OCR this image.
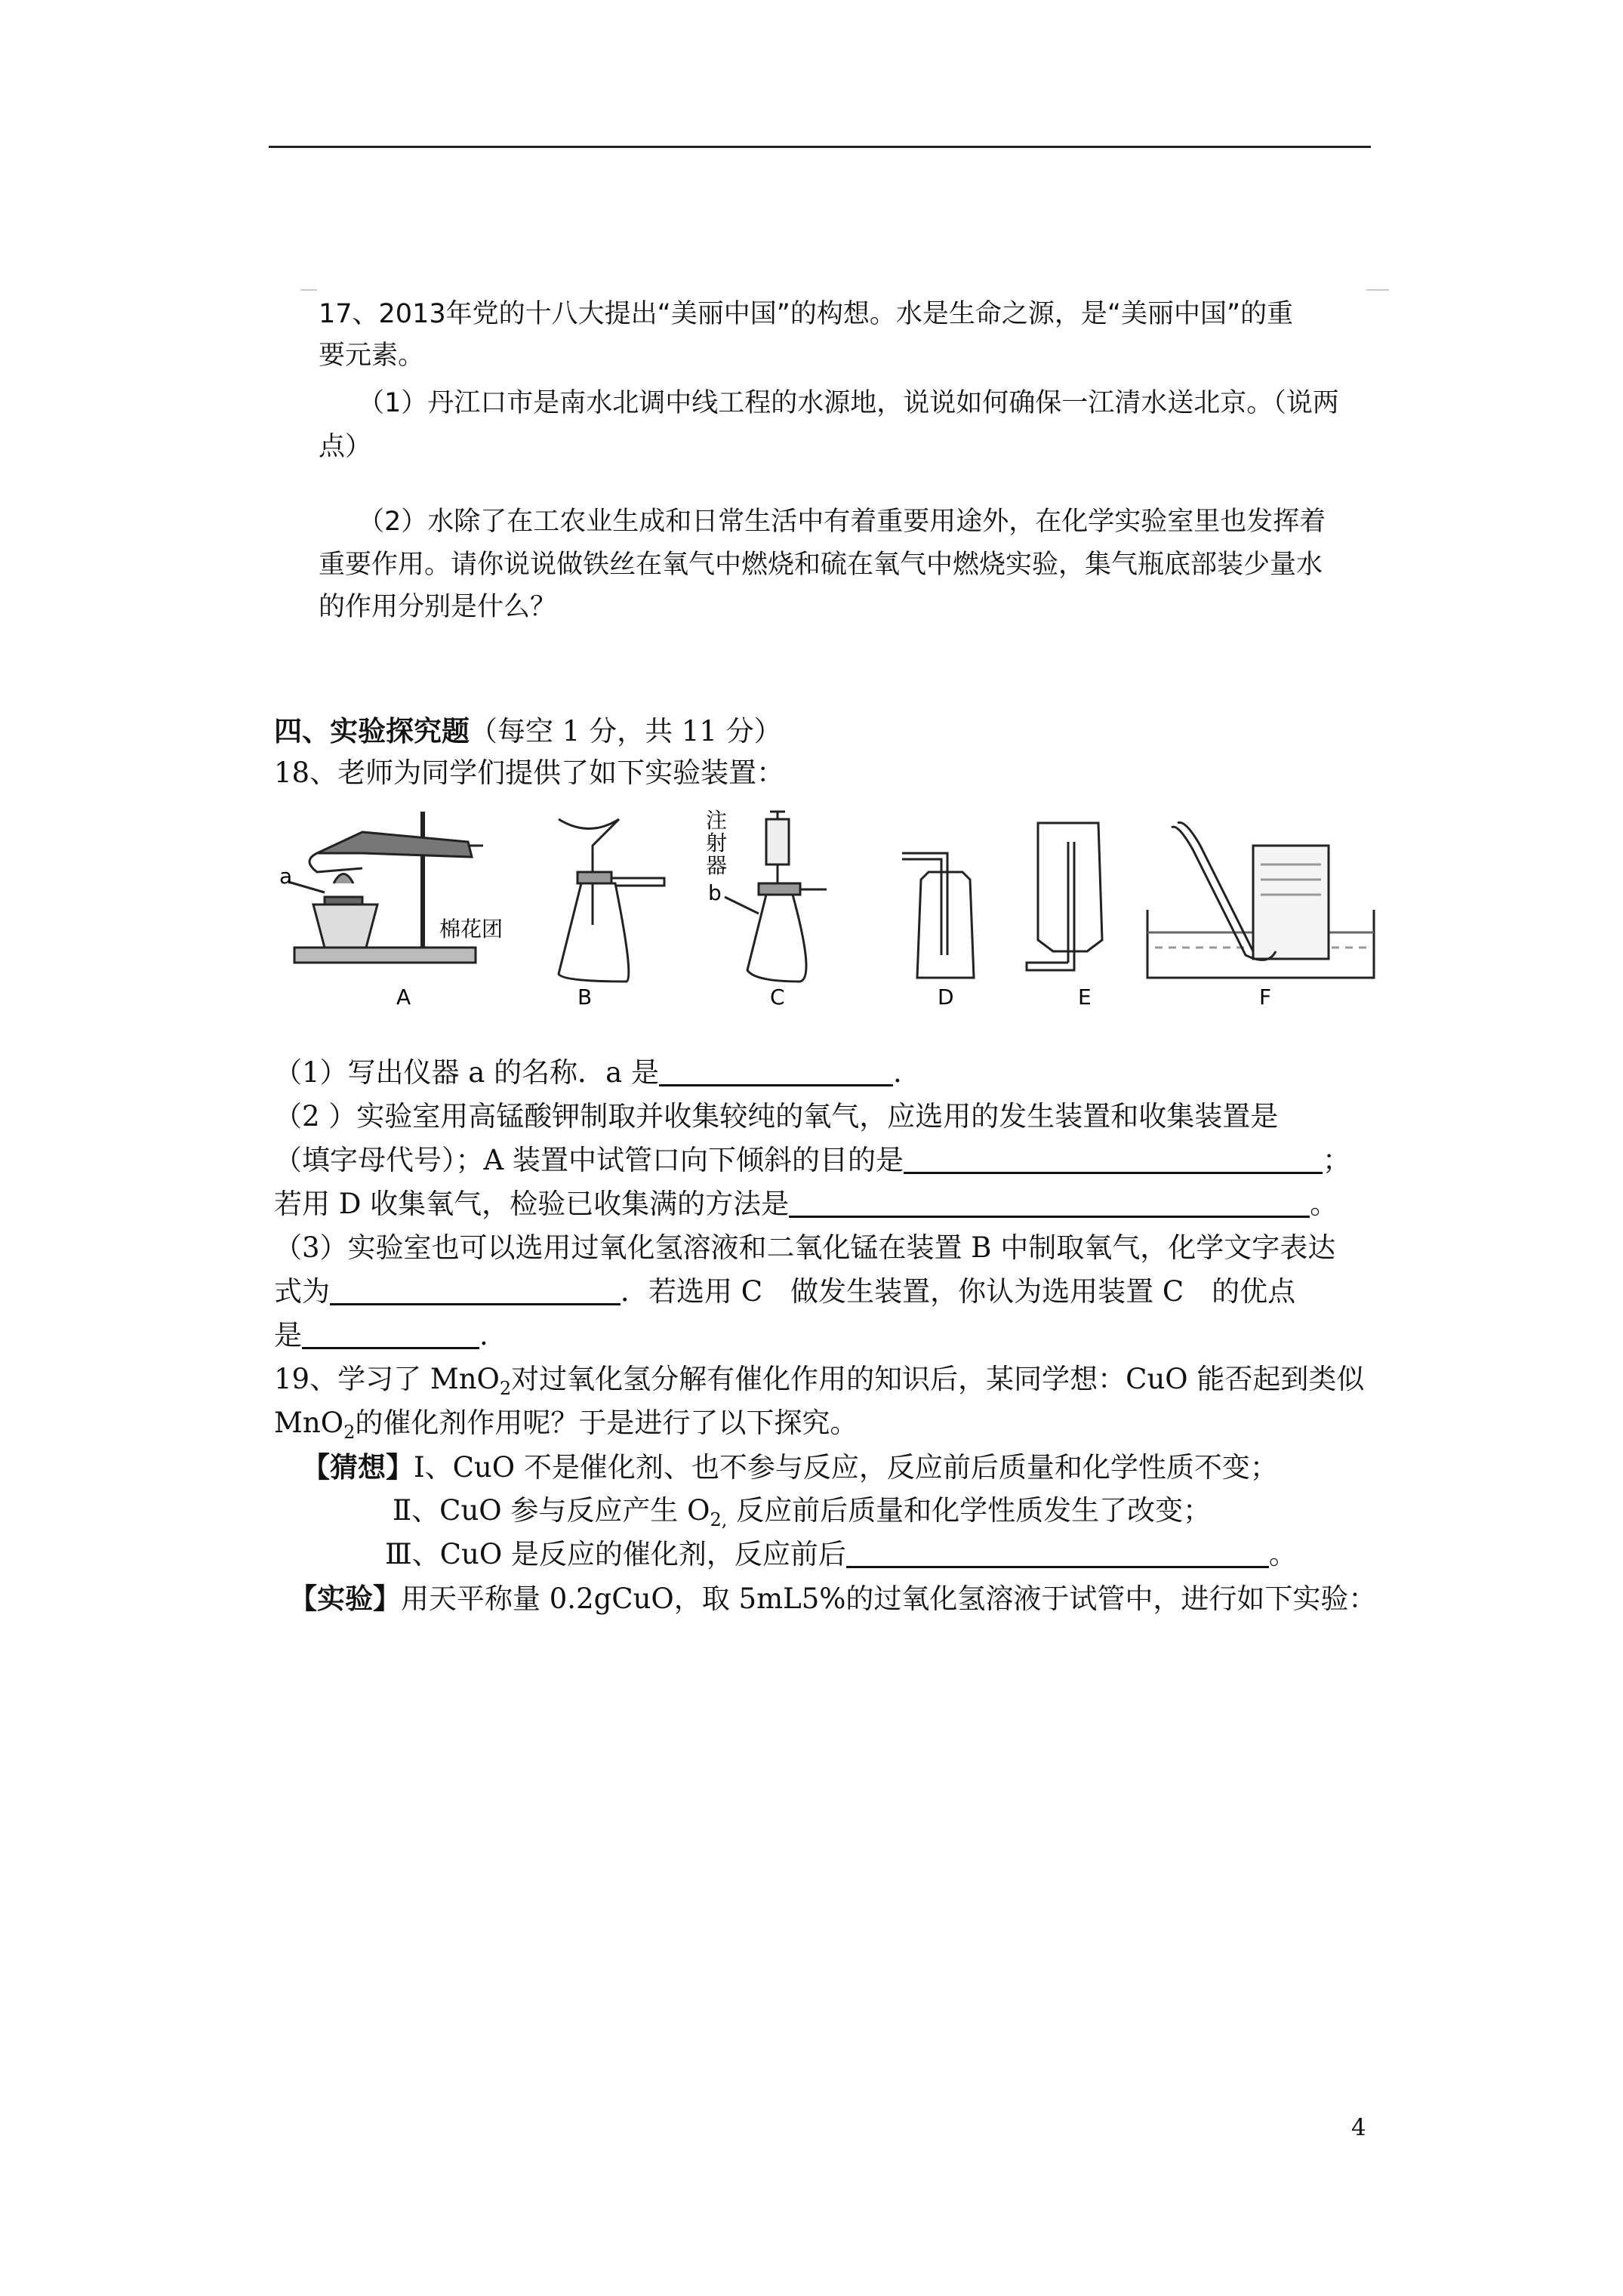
17、2013年党的十八大提出“美丽中国”的构想。水是生命之源，是“美丽中国”的重
要元素。
（1）丹江口市是南水北调中线工程的水源地，说说如何确保一江清水送北京。（说两
点）
（2）水除了在工农业生成和日常生活中有着重要用途外，在化学实验室里也发挥着
重要作用。请你说说做铁丝在氧气中燃烧和硫在氧气中燃烧实验，集气瓶底部装少量水
的作用分别是什么？
四、实验探究题（每空 1 分，共 11 分）
18、老师为同学们提供了如下实验装置：
a
棉花团
注
射
器
b
A	B	C	D	E	F
（1）写出仪器 a 的名称．a 是	.
（2 ）实验室用高锰酸钾制取并收集较纯的氧气，应选用的发生装置和收集装置是
（填字母代号）；A 装置中试管口向下倾斜的目的是	；
若用 D 收集氧气，检验已收集满的方法是	。
（3）实验室也可以选用过氧化氢溶液和二氧化锰在装置 B 中制取氧气，化学文字表达
式为	．若选用 C　做发生装置，你认为选用装置 C　的优点
是	.
19、学习了 MnO$_2$对过氧化氢分解有催化作用的知识后，某同学想：CuO 能否起到类似
MnO$_2$的催化剂作用呢？于是进行了以下探究。
【猜想】Ⅰ、CuO 不是催化剂、也不参与反应，反应前后质量和化学性质不变；
Ⅱ、CuO 参与反应产生 $O_{2,}$ 反应前后质量和化学性质发生了改变；
Ⅲ、CuO 是反应的催化剂，反应前后	。
【实验】用天平称量 0.2gCuO，取 5mL5%的过氧化氢溶液于试管中，进行如下实验：
4
